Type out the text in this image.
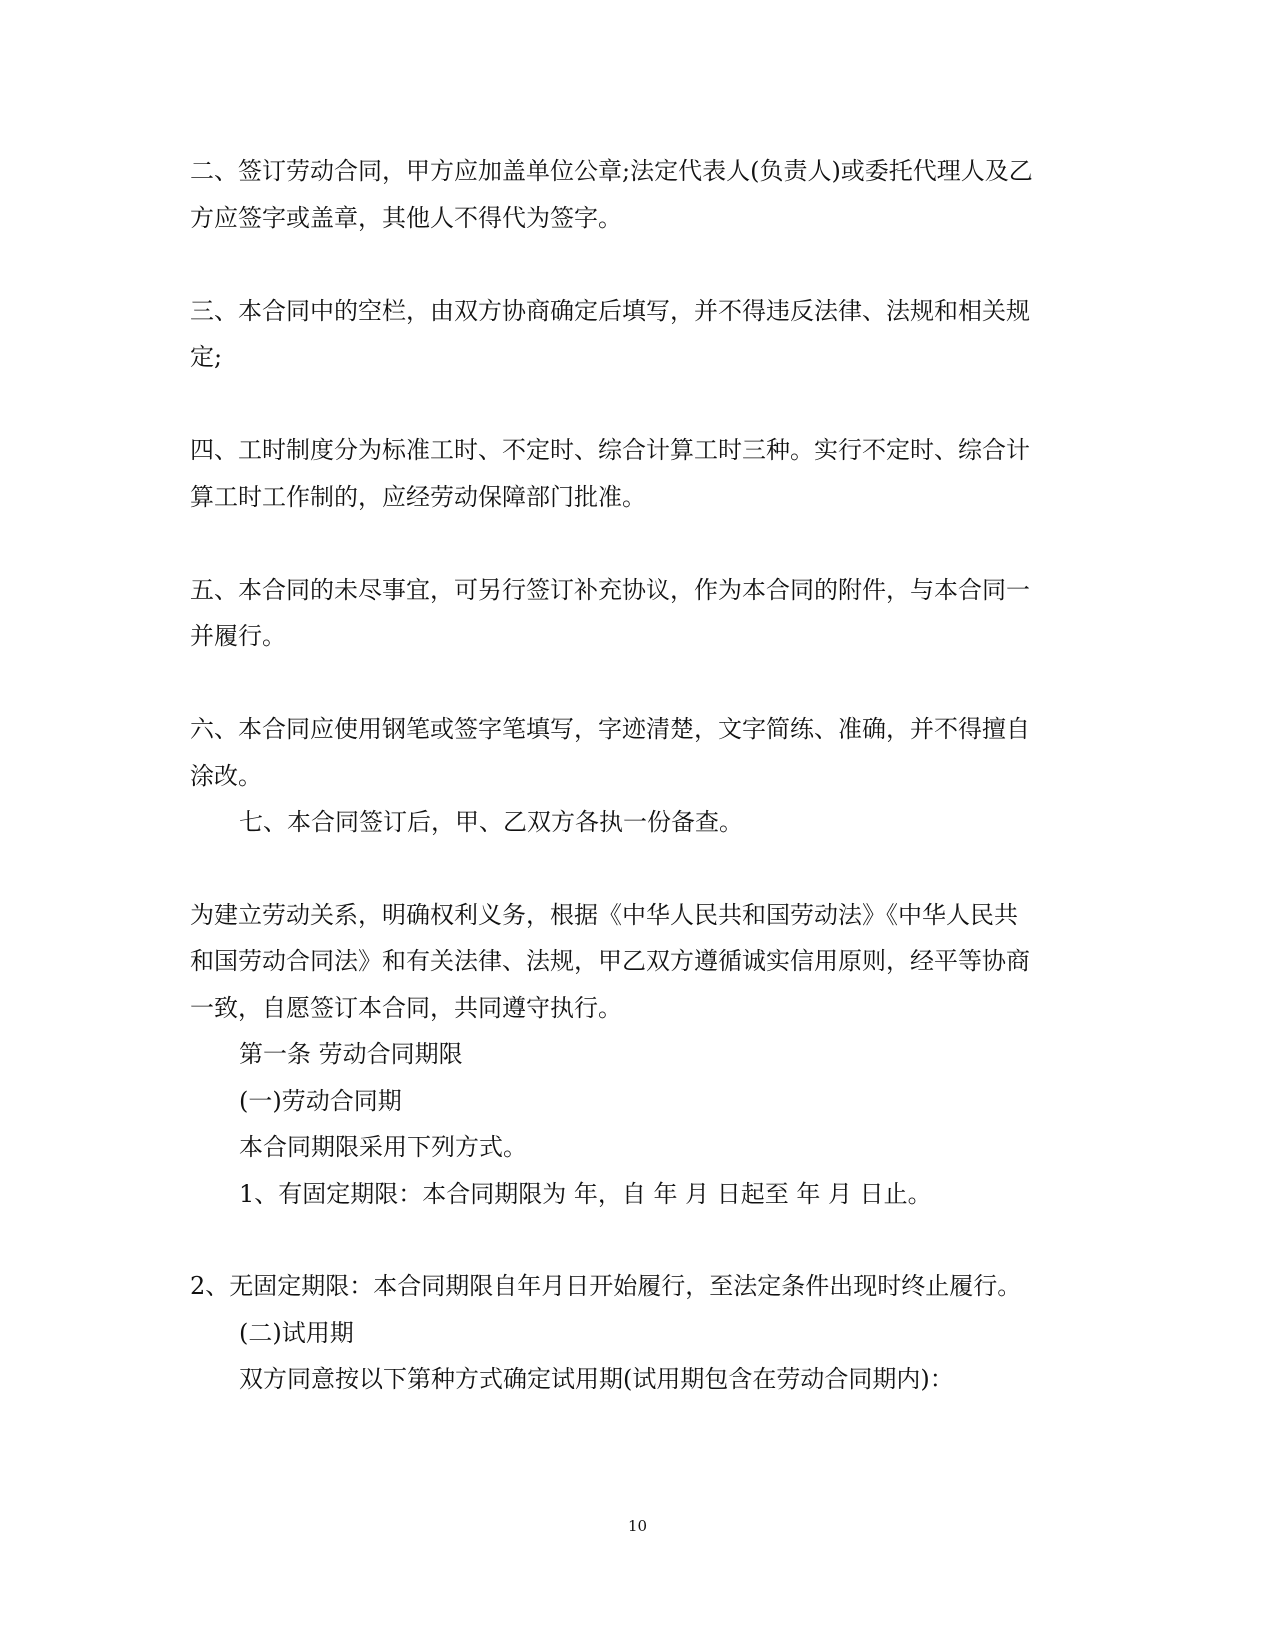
二、签订劳动合同，甲方应加盖单位公章;法定代表人(负责人)或委托代理人及乙
方应签字或盖章，其他人不得代为签字。
三、本合同中的空栏，由双方协商确定后填写，并不得违反法律、法规和相关规
定;
四、工时制度分为标准工时、不定时、综合计算工时三种。实行不定时、综合计
算工时工作制的，应经劳动保障部门批准。
五、本合同的未尽事宜，可另行签订补充协议，作为本合同的附件，与本合同一
并履行。
六、本合同应使用钢笔或签字笔填写，字迹清楚，文字简练、准确，并不得擅自
涂改。
七、本合同签订后，甲、乙双方各执一份备查。
为建立劳动关系，明确权利义务，根据《中华人民共和国劳动法》《中华人民共
和国劳动合同法》和有关法律、法规，甲乙双方遵循诚实信用原则，经平等协商
一致，自愿签订本合同，共同遵守执行。
第一条 劳动合同期限
(一)劳动合同期
本合同期限采用下列方式。
1、有固定期限：本合同期限为 年，自 年 月 日起至 年 月 日止。
2、无固定期限：本合同期限自年月日开始履行，至法定条件出现时终止履行。
(二)试用期
双方同意按以下第种方式确定试用期(试用期包含在劳动合同期内)：
10
